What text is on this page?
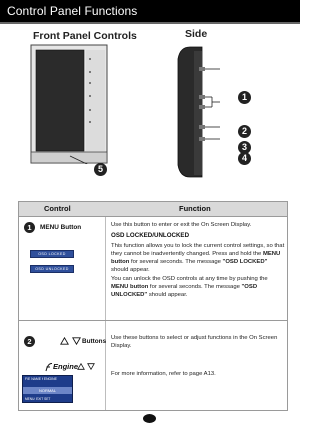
Control Panel Functions
Front Panel Controls	Side
5
1
2
3
4
Control	Function
1	MENU Button
OSD LOCKED
OSD UNLOCKED
Use this button to enter or exit the On Screen Display.
OSD LOCKED/UNLOCKED
This function allows you to lock the current control settings, so that they cannot be inadvertently changed. Press and hold the MENU button for several seconds. The message "OSD LOCKED" should appear.
You can unlock the OSD controls at any time by pushing the MENU button for several seconds. The message "OSD UNLOCKED" should appear.
2	Buttons Use these buttons to select or adjust functions in the On Screen Display.
Engine
For more information, refer to page A13.
F/E NAME f ENGINE
NORMAL
MENU: EXIT SET
